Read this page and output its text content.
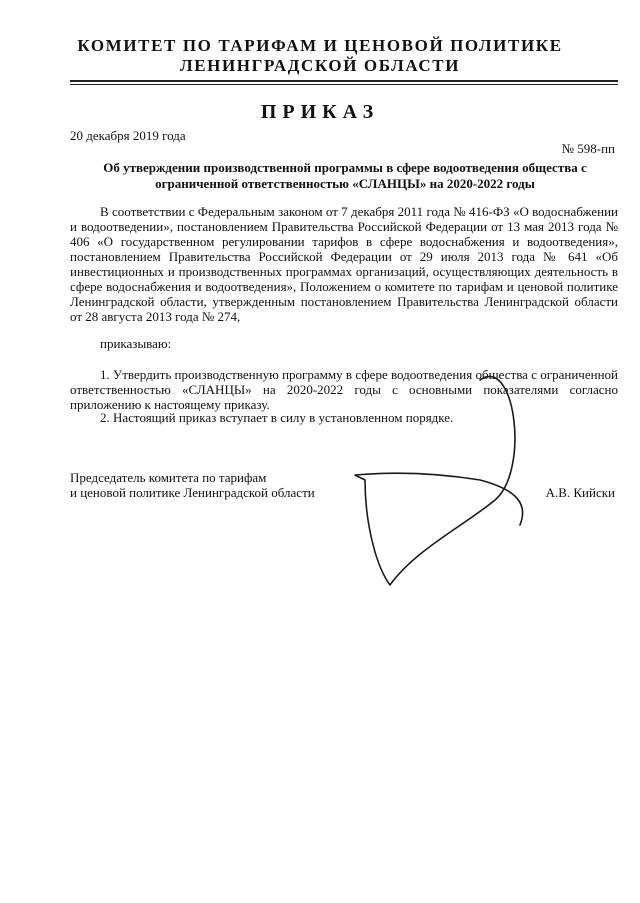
КОМИТЕТ ПО ТАРИФАМ И ЦЕНОВОЙ ПОЛИТИКЕ
ЛЕНИНГРАДСКОЙ ОБЛАСТИ
ПРИКАЗ
20 декабря 2019 года
№ 598-пп
Об утверждении производственной программы в сфере водоотведения общества с
ограниченной ответственностью «СЛАНЦЫ» на 2020-2022 годы
В соответствии с Федеральным законом от 7 декабря 2011 года № 416-ФЗ «О водоснабжении и водоотведении», постановлением Правительства Российской Федерации от 13 мая 2013 года № 406 «О государственном регулировании тарифов в сфере водоснабжения и водоотведения», постановлением Правительства Российской Федерации от 29 июля 2013 года № 641 «Об инвестиционных и производственных программах организаций, осуществляющих деятельность в сфере водоснабжения и водоотведения», Положением о комитете по тарифам и ценовой политике Ленинградской области, утвержденным постановлением Правительства Ленинградской области от 28 августа 2013 года № 274,
приказываю:
1. Утвердить производственную программу в сфере водоотведения общества с ограниченной ответственностью «СЛАНЦЫ» на 2020-2022 годы с основными показателями согласно приложению к настоящему приказу.
2. Настоящий приказ вступает в силу в установленном порядке.
Председатель комитета по тарифам
и ценовой политике Ленинградской области	А.В. Кийски
